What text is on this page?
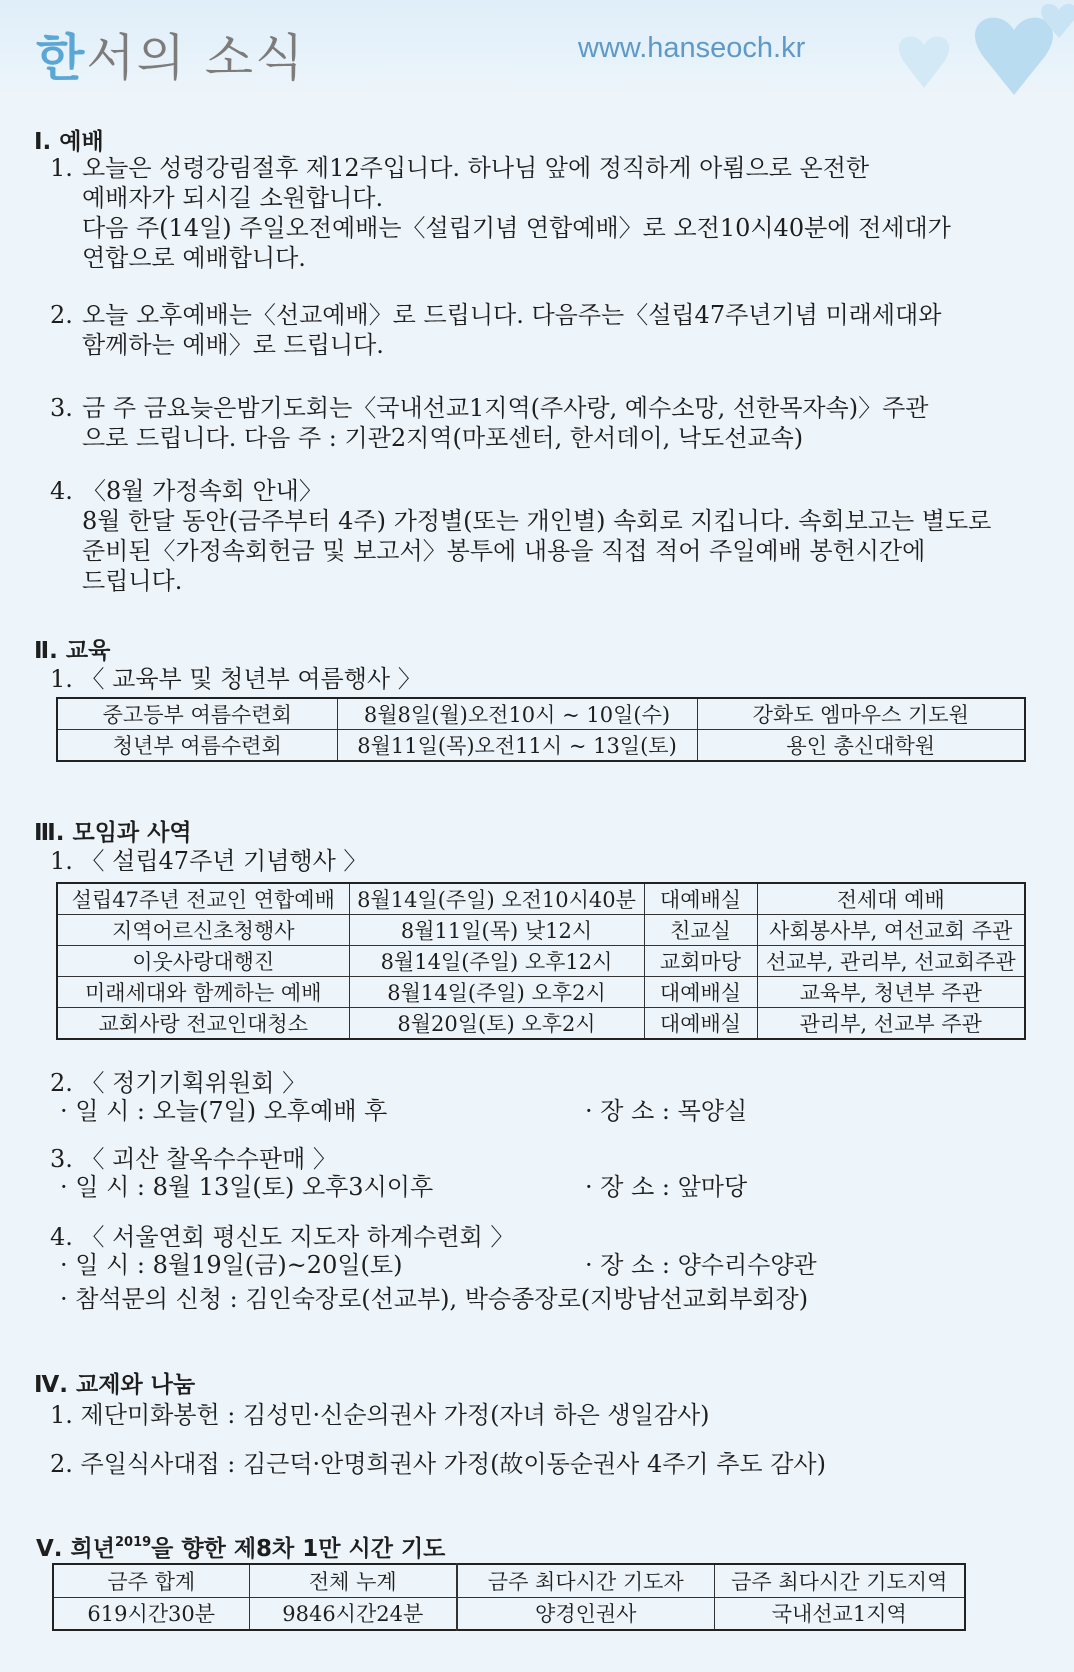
한서의 소식	www.hanseoch.kr
Ⅰ. 예배
1. 오늘은 성령강림절후 제12주입니다. 하나님 앞에 정직하게 아룀으로 온전한
예배자가 되시길 소원합니다.
다음 주(14일) 주일오전예배는〈설립기념 연합예배〉로 오전10시40분에 전세대가
연합으로 예배합니다.
2. 오늘 오후예배는〈선교예배〉로 드립니다. 다음주는〈설립47주년기념 미래세대와
함께하는 예배〉로 드립니다.
3. 금 주 금요늦은밤기도회는〈국내선교1지역(주사랑, 예수소망, 선한목자속)〉주관
으로 드립니다. 다음 주 : 기관2지역(마포센터, 한서데이, 낙도선교속)
4. 〈8월 가정속회 안내〉
8월 한달 동안(금주부터 4주) 가정별(또는 개인별) 속회로 지킵니다. 속회보고는 별도로
준비된〈가정속회헌금 및 보고서〉봉투에 내용을 직접 적어 주일예배 봉헌시간에
드립니다.
Ⅱ. 교육
1. 〈 교육부 및 청년부 여름행사 〉
중고등부 여름수련회	8월8일(월)오전10시 ~ 10일(수)	강화도 엠마우스 기도원
청년부 여름수련회	8월11일(목)오전11시 ~ 13일(토)	용인 총신대학원
Ⅲ. 모임과 사역
1. 〈 설립47주년 기념행사 〉
설립47주년 전교인 연합예배	8월14일(주일) 오전10시40분	대예배실	전세대 예배
지역어르신초청행사	8월11일(목) 낮12시	친교실	사회봉사부, 여선교회 주관
이웃사랑대행진	8월14일(주일) 오후12시	교회마당	선교부, 관리부, 선교회주관
미래세대와 함께하는 예배	8월14일(주일) 오후2시	대예배실	교육부, 청년부 주관
교회사랑 전교인대청소	8월20일(토) 오후2시	대예배실	관리부, 선교부 주관
2. 〈 정기기획위원회 〉
· 일 시 : 오늘(7일) 오후예배 후	· 장 소 : 목양실
3. 〈 괴산 찰옥수수판매 〉
· 일 시 : 8월 13일(토) 오후3시이후	· 장 소 : 앞마당
4. 〈 서울연회 평신도 지도자 하계수련회 〉
· 일 시 : 8월19일(금)~20일(토)	· 장 소 : 양수리수양관
· 참석문의 신청 : 김인숙장로(선교부), 박승종장로(지방남선교회부회장)
Ⅳ. 교제와 나눔
1. 제단미화봉헌 : 김성민·신순의권사 가정(자녀 하은 생일감사)
2. 주일식사대접 : 김근덕·안명희권사 가정(故이동순권사 4주기 추도 감사)
Ⅴ. 희년$^{2019}$을 향한 제8차 1만 시간 기도
금주 합계	전체 누계	금주 최다시간 기도자	금주 최다시간 기도지역
619시간30분	9846시간24분	양경인권사	국내선교1지역
